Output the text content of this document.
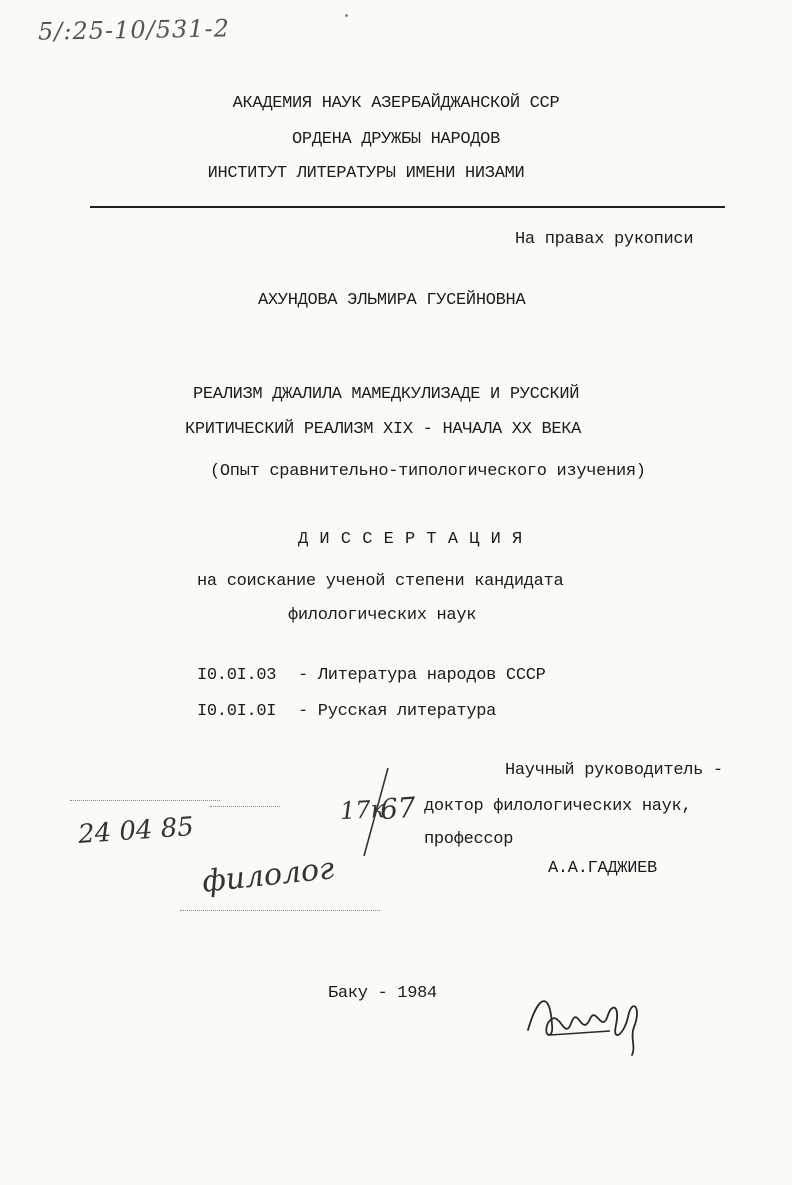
5/:25-10/531-2
АКАДЕМИЯ НАУК АЗЕРБАЙДЖАНСКОЙ ССР
ОРДЕНА ДРУЖБЫ НАРОДОВ
ИНСТИТУТ ЛИТЕРАТУРЫ ИМЕНИ НИЗАМИ
На правах рукописи
АХУНДОВА ЭЛЬМИРА ГУСЕЙНОВНА
РЕАЛИЗМ ДЖАЛИЛА МАМЕДКУЛИЗАДЕ И РУССКИЙ
КРИТИЧЕСКИЙ РЕАЛИЗМ XIX - НАЧАЛА XX ВЕКА
(Опыт сравнительно-типологического изучения)
Д И С С Е Р Т А Ц И Я
на соискание ученой степени кандидата
филологических наук
I0.0I.03 - Литература народов СССР
I0.0I.0I - Русская литература
Научный руководитель -
доктор филологических наук,
профессор
А.А.ГАДЖИЕВ
24 04 85
17к
67
филолог
Баку - 1984
